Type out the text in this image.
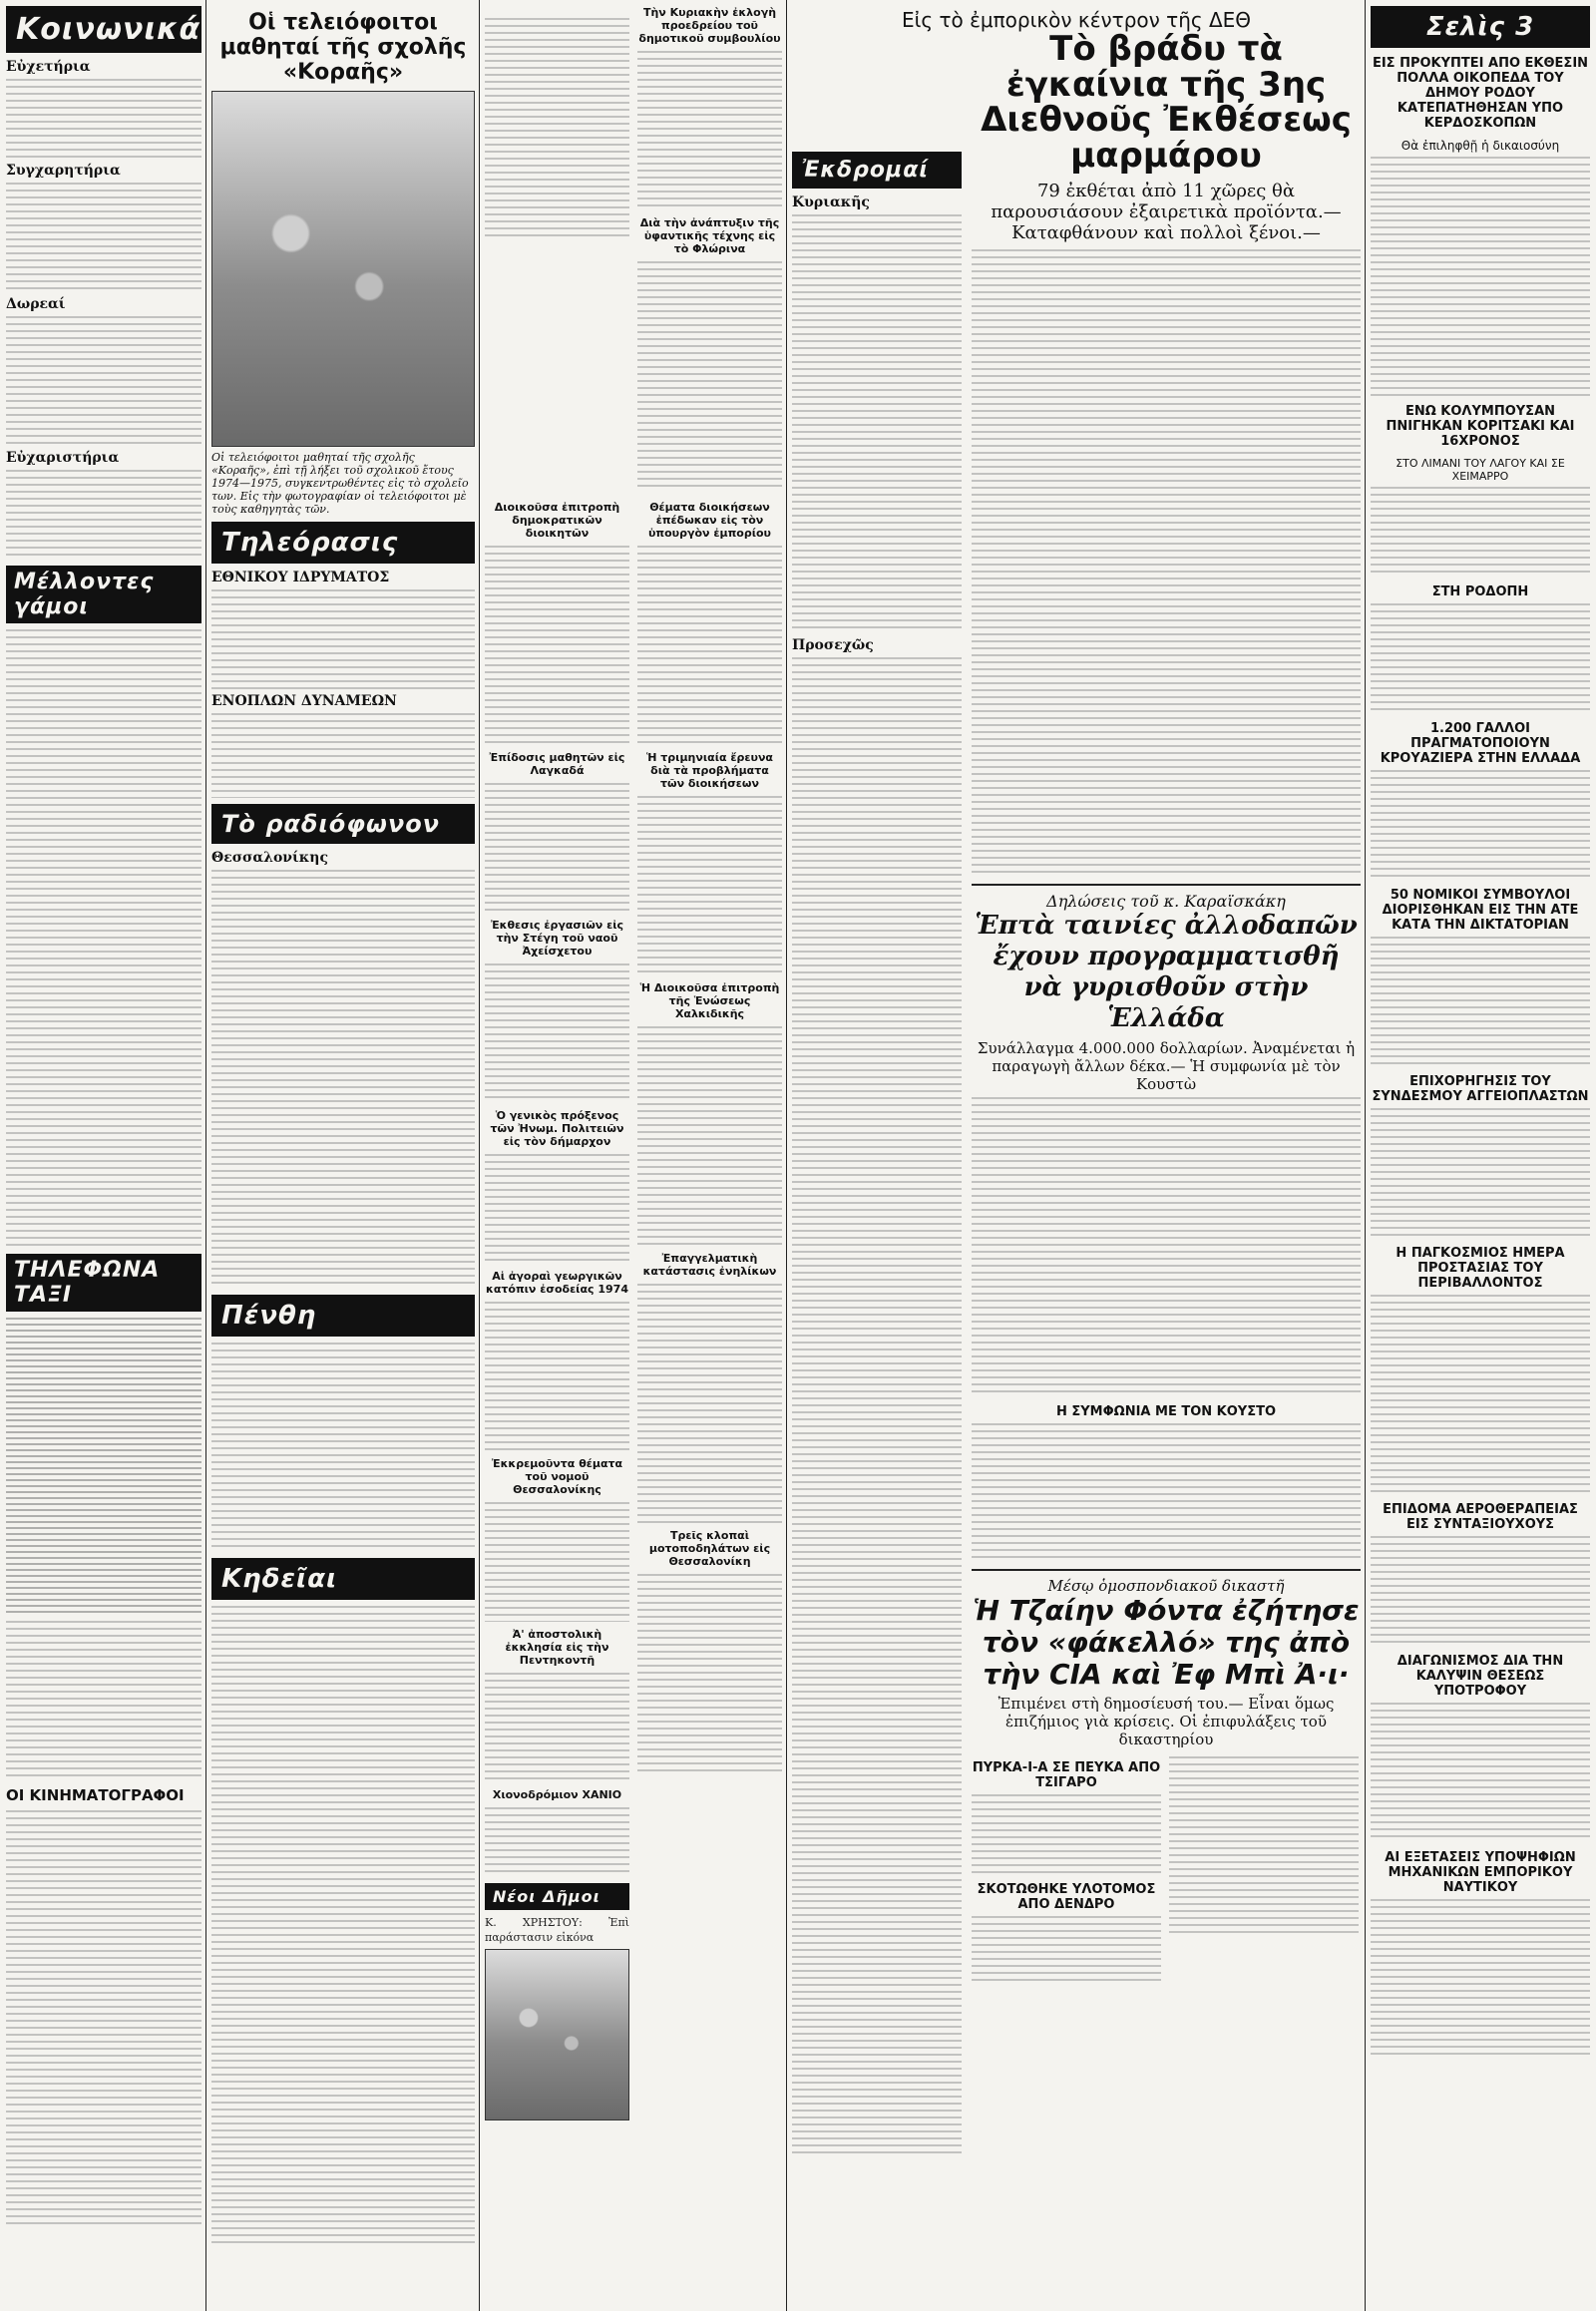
Κοινωνικά
Εὐχετήρια
Συγχαρητήρια
Δωρεαί
Εὐχαριστήρια
Μέλλοντες γάμοι
ΤΗΛΕΦΩΝΑ ΤΑΞΙ
ΟΙ ΚΙΝΗΜΑΤΟΓΡΑΦΟΙ
Οἱ τελειόφοιτοι μαθηταί τῆς σχολῆς «Κοραῆς»
Οἱ τελειόφοιτοι μαθηταί τῆς σχολῆς «Κοραῆς», ἐπὶ τῇ λήξει τοῦ σχολικοῦ ἔτους 1974—1975, συγκεντρωθέντες εἰς τὸ σχολεῖο των. Εἰς τὴν φωτογραφίαν οἱ τελειόφοιτοι μὲ τοὺς καθηγητὰς τῶν.
Τηλεόρασις
ΕΘΝΙΚΟΥ ΙΔΡΥΜΑΤΟΣ
ΕΝΟΠΛΩΝ ΔΥΝΑΜΕΩΝ
Τὸ ραδιόφωνον
Θεσσαλονίκης
Πένθη
Κηδεῖαι
Τὴν Κυριακὴν ἐκλογὴ προεδρείου τοῦ δημοτικοῦ συμβουλίου
Διὰ τὴν ἀνάπτυξιν τῆς ὑφαντικῆς τέχνης εἰς τὸ Φλώρινα
Διοικοῦσα ἐπιτροπὴ δημοκρατικῶν διοικητῶν
Ἐπίδοσις μαθητῶν εἰς Λαγκαδά
Ἐκθεσις ἐργασιῶν εἰς τὴν Στέγη τοῦ ναοῦ Ἀχείσχετου
Ὁ γενικὸς πρόξενος τῶν Ἠνωμ. Πολιτειῶν εἰς τὸν δήμαρχον
Αἱ ἀγοραὶ γεωργικῶν κατόπιν ἐσοδείας 1974
Ἐκκρεμοῦντα θέματα τοῦ νομοῦ Θεσσαλονίκης
Ἀ' ἀποστολικὴ ἐκκλησία εἰς τὴν Πεντηκοντῆ
Χιονοδρόμιον ΧΑΝΙΟ
Νέοι Δῆμοι
Κ. ΧΡΗΣΤΟΥ: Ἐπὶ παράστασιν εἰκόνα
Θέματα διοικήσεων ἐπέδωκαν εἰς τὸν ὑπουργὸν ἐμπορίου
Ἡ τριμηνιαία ἔρευνα διὰ τὰ προβλήματα τῶν διοικήσεων
Ἡ Διοικοῦσα ἐπιτροπὴ τῆς Ἑνώσεως Χαλκιδικῆς
Ἐπαγγελματικὴ κατάστασις ἐνηλίκων
Τρεῖς κλοπαὶ μοτοποδηλάτων εἰς Θεσσαλονίκη
Εἰς τὸ ἐμπορικὸν κέντρον τῆς ΔΕΘ
Ἐκδρομαί
Κυριακῆς
Προσεχῶς
Τὸ βράδυ τὰ ἐγκαίνια τῆς 3ης Διεθνοῦς Ἐκθέσεως μαρμάρου
79 ἐκθέται ἀπὸ 11 χῶρες θὰ παρουσιάσουν ἐξαιρετικὰ προϊόντα.— Καταφθάνουν καὶ πολλοὶ ξένοι.—
Δηλώσεις τοῦ κ. Καραϊσκάκη
Ἑπτὰ ταινίες ἀλλοδαπῶν ἔχουν προγραμματισθῆ νὰ γυρισθοῦν στὴν Ἑλλάδα
Συνάλλαγμα 4.000.000 δολλαρίων. Ἀναμένεται ἡ παραγωγὴ ἄλλων δέκα.— Ἡ συμφωνία μὲ τὸν Κουστὼ
Η ΣΥΜΦΩΝΙΑ ΜΕ ΤΟΝ ΚΟΥΣΤΟ
Μέσῳ ὁμοσπονδιακοῦ δικαστῆ
Ἡ Τζαίην Φόντα ἐζήτησε τὸν «φάκελλό» της ἀπὸ τὴν CIA καὶ Ἐφ Μπὶ Ἀ·ι·
Ἐπιμένει στὴ δημοσίευσή του.— Εἶναι ὅμως ἐπιζήμιος γιὰ κρίσεις. Οἱ ἐπιφυλάξεις τοῦ δικαστηρίου
ΠΥΡΚΑ-Ι-Α ΣΕ ΠΕΥΚΑ ΑΠΟ ΤΣΙΓΑΡΟ
ΣΚΟΤΩΘΗΚΕ ΥΛΟΤΟΜΟΣ ΑΠΟ ΔΕΝΔΡΟ
Σελὶς 3
ΕΙΣ ΠΡΟΚΥΠΤΕΙ ΑΠΟ ΕΚΘΕΣΙΝ ΠΟΛΛΑ ΟΙΚΟΠΕΔΑ ΤΟΥ ΔΗΜΟΥ ΡΟΔΟΥ ΚΑΤΕΠΑΤΗΘΗΣΑΝ ΥΠΟ ΚΕΡΔΟΣΚΟΠΩΝ
Θὰ ἐπιληφθῇ ἡ δικαιοσύνη
ΕΝΩ ΚΟΛΥΜΠΟΥΣΑΝ ΠΝΙΓΗΚΑΝ ΚΟΡΙΤΣΑΚΙ ΚΑΙ 16ΧΡΟΝΟΣ
ΣΤΟ ΛΙΜΑΝΙ ΤΟΥ ΛΑΓΟΥ ΚΑΙ ΣΕ ΧΕΙΜΑΡΡΟ
ΣΤΗ ΡΟΔΟΠΗ
1.200 ΓΑΛΛΟΙ ΠΡΑΓΜΑΤΟΠΟΙΟΥΝ ΚΡΟΥΑΖΙΕΡΑ ΣΤΗΝ ΕΛΛΑΔΑ
50 ΝΟΜΙΚΟΙ ΣΥΜΒΟΥΛΟΙ ΔΙΟΡΙΣΘΗΚΑΝ ΕΙΣ ΤΗΝ ΑΤΕ ΚΑΤΑ ΤΗΝ ΔΙΚΤΑΤΟΡΙΑΝ
ΕΠΙΧΟΡΗΓΗΣΙΣ ΤΟΥ ΣΥΝΔΕΣΜΟΥ ΑΓΓΕΙΟΠΛΑΣΤΩΝ
Η ΠΑΓΚΟΣΜΙΟΣ ΗΜΕΡΑ ΠΡΟΣΤΑΣΙΑΣ ΤΟΥ ΠΕΡΙΒΑΛΛΟΝΤΟΣ
ΕΠΙΔΟΜΑ ΑΕΡΟΘΕΡΑΠΕΙΑΣ ΕΙΣ ΣΥΝΤΑΞΙΟΥΧΟΥΣ
ΔΙΑΓΩΝΙΣΜΟΣ ΔΙΑ ΤΗΝ ΚΑΛΥΨΙΝ ΘΕΣΕΩΣ ΥΠΟΤΡΟΦΟΥ
ΑΙ ΕΞΕΤΑΣΕΙΣ ΥΠΟΨΗΦΙΩΝ ΜΗΧΑΝΙΚΩΝ ΕΜΠΟΡΙΚΟΥ ΝΑΥΤΙΚΟΥ
